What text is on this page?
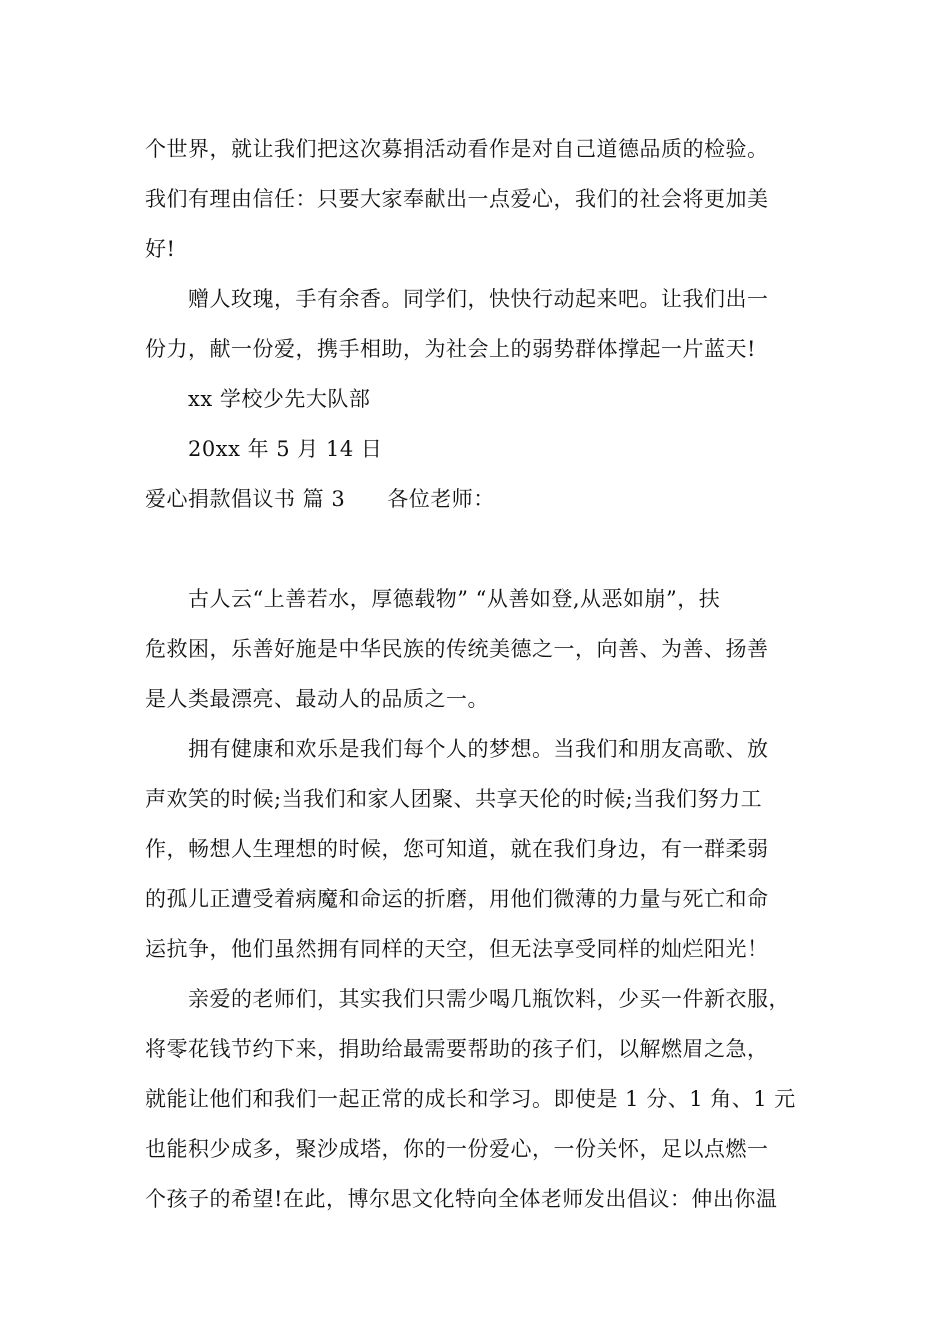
个世界，就让我们把这次募捐活动看作是对自己道德品质的检验。
我们有理由信任：只要大家奉献出一点爱心，我们的社会将更加美
好!
赠人玫瑰，手有余香。同学们，快快行动起来吧。让我们出一
份力，献一份爱，携手相助，为社会上的弱势群体撑起一片蓝天!
xx 学校少先大队部
20xx 年 5 月 14 日
爱心捐款倡议书 篇 3 各位老师：
古人云“上善若水，厚德载物” “从善如登,从恶如崩”，扶
危救困，乐善好施是中华民族的传统美德之一，向善、为善、扬善
是人类最漂亮、最动人的品质之一。
拥有健康和欢乐是我们每个人的梦想。当我们和朋友高歌、放
声欢笑的时候;当我们和家人团聚、共享天伦的时候;当我们努力工
作，畅想人生理想的时候，您可知道，就在我们身边，有一群柔弱
的孤儿正遭受着病魔和命运的折磨，用他们微薄的力量与死亡和命
运抗争，他们虽然拥有同样的天空，但无法享受同样的灿烂阳光！
亲爱的老师们，其实我们只需少喝几瓶饮料，少买一件新衣服，
将零花钱节约下来，捐助给最需要帮助的孩子们，以解燃眉之急，
就能让他们和我们一起正常的成长和学习。即使是 1 分、1 角、1 元
也能积少成多，聚沙成塔，你的一份爱心，一份关怀，足以点燃一
个孩子的希望!在此，博尔思文化特向全体老师发出倡议：伸出你温
